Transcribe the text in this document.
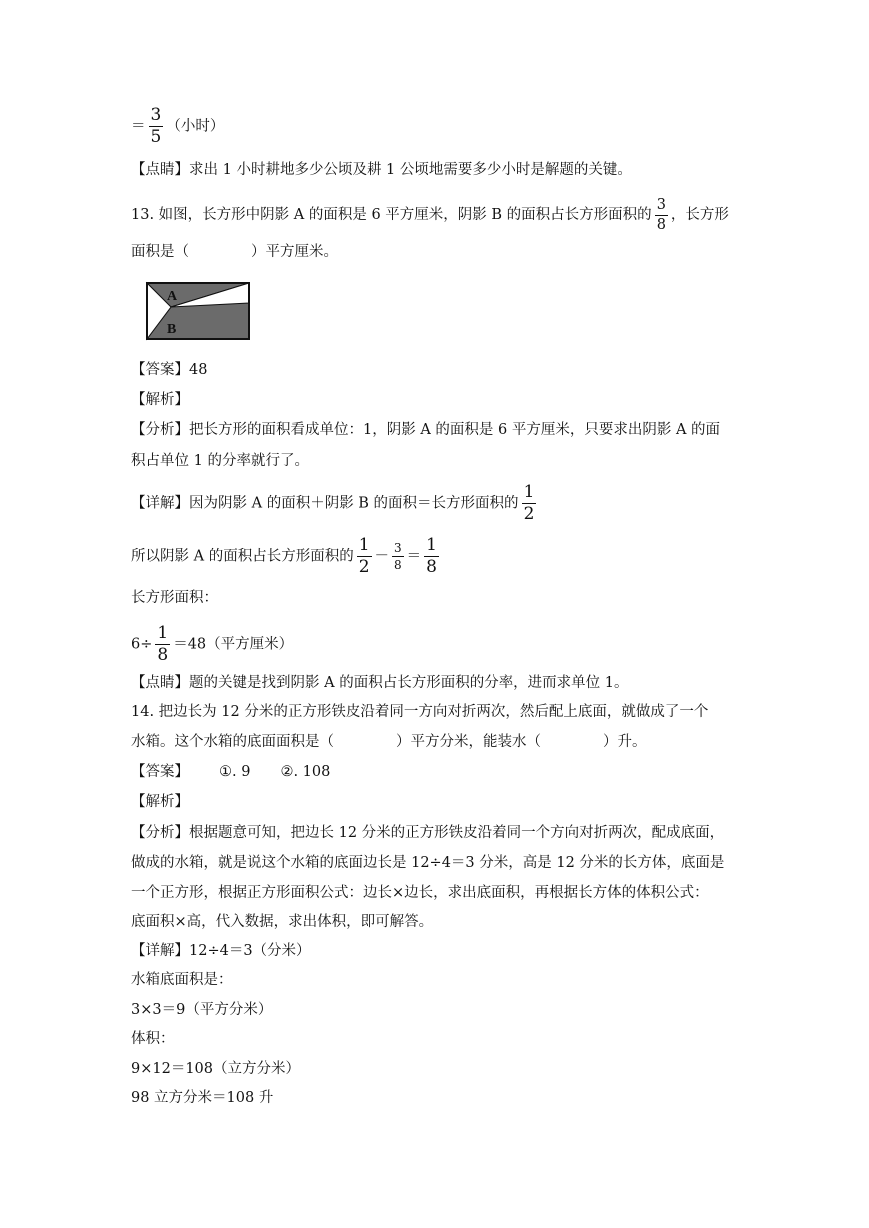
＝ $\frac{3}{5}$ （小时）
【点睛】求出 1 小时耕地多少公顷及耕 1 公顷地需要多少小时是解题的关键。
13. 如图，长方形中阴影 A 的面积是 6 平方厘米，阴影 B 的面积占长方形面积的 $\frac{3}{8}$ ，长方形
面积是（	）平方厘米。
A
B
【答案】48
【解析】
【分析】把长方形的面积看成单位：1，阴影 A 的面积是 6 平方厘米，只要求出阴影 A 的面
积占单位 1 的分率就行了。
【详解】因为阴影 A 的面积＋阴影 B 的面积＝长方形面积的 $\frac{1}{2}$
所以阴影 A 的面积占长方形面积的 $\frac{1}{2} - \frac{3}{8} = \frac{1}{8}$
长方形面积：
$6\div \frac{1}{8} =48$（平方厘米）
【点睛】题的关键是找到阴影 A 的面积占长方形面积的分率，进而求单位 1。
14. 把边长为 12 分米的正方形铁皮沿着同一方向对折两次，然后配上底面，就做成了一个
水箱。这个水箱的底面面积是（	）平方分米，能装水（	）升。
【答案】 ①. 9 ②. 108
【解析】
【分析】根据题意可知，把边长 12 分米的正方形铁皮沿着同一个方向对折两次，配成底面，
做成的水箱，就是说这个水箱的底面边长是 12÷4＝3 分米，高是 12 分米的长方体，底面是
一个正方形，根据正方形面积公式：边长×边长，求出底面积，再根据长方体的体积公式：
底面积×高，代入数据，求出体积，即可解答。
【详解】12÷4＝3（分米）
水箱底面积是：
3×3＝9（平方分米）
体积：
9×12＝108（立方分米）
98 立方分米＝108 升
